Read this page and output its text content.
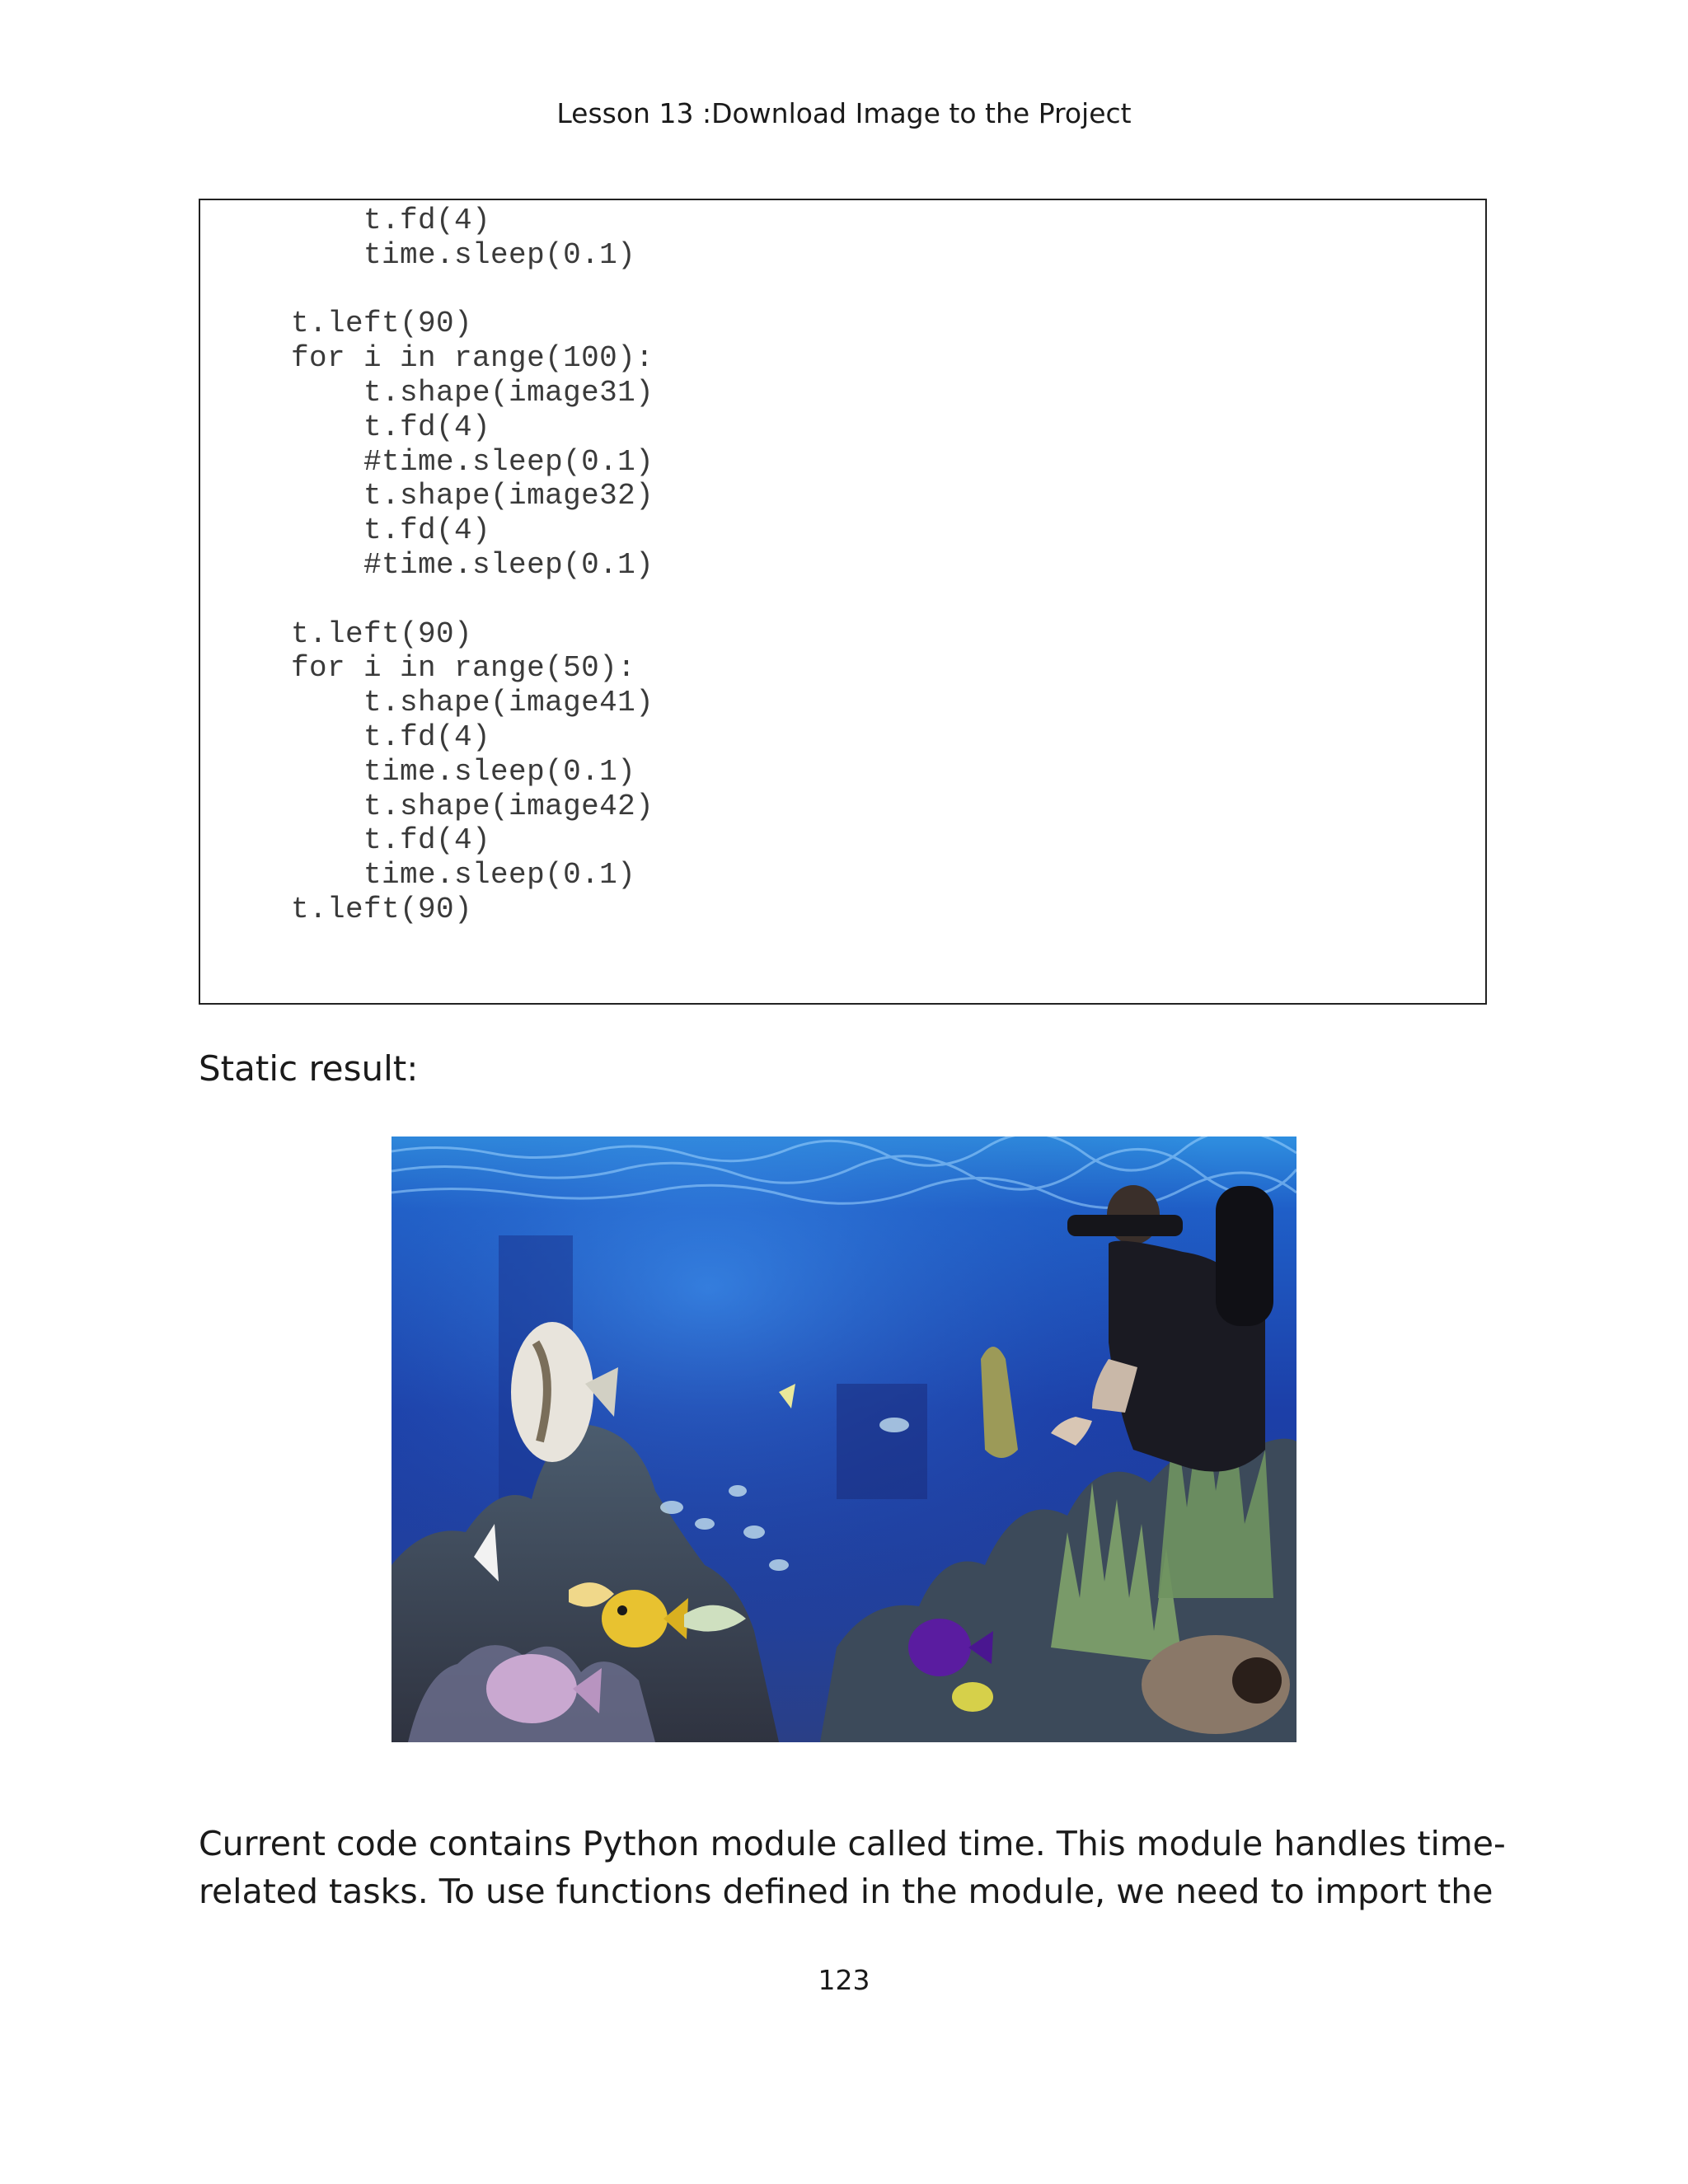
Lesson 13 :Download Image to the Project
t.fd(4)
time.sleep(0.1)
t.left(90)
for i in range(100):
t.shape(image31)
t.fd(4)
#time.sleep(0.1)
t.shape(image32)
t.fd(4)
#time.sleep(0.1)
t.left(90)
for i in range(50):
t.shape(image41)
t.fd(4)
time.sleep(0.1)
t.shape(image42)
t.fd(4)
time.sleep(0.1)
t.left(90)
Static result:
Current code contains Python module called time. This module handles time-
related tasks. To use functions defined in the module, we need to import the
123
